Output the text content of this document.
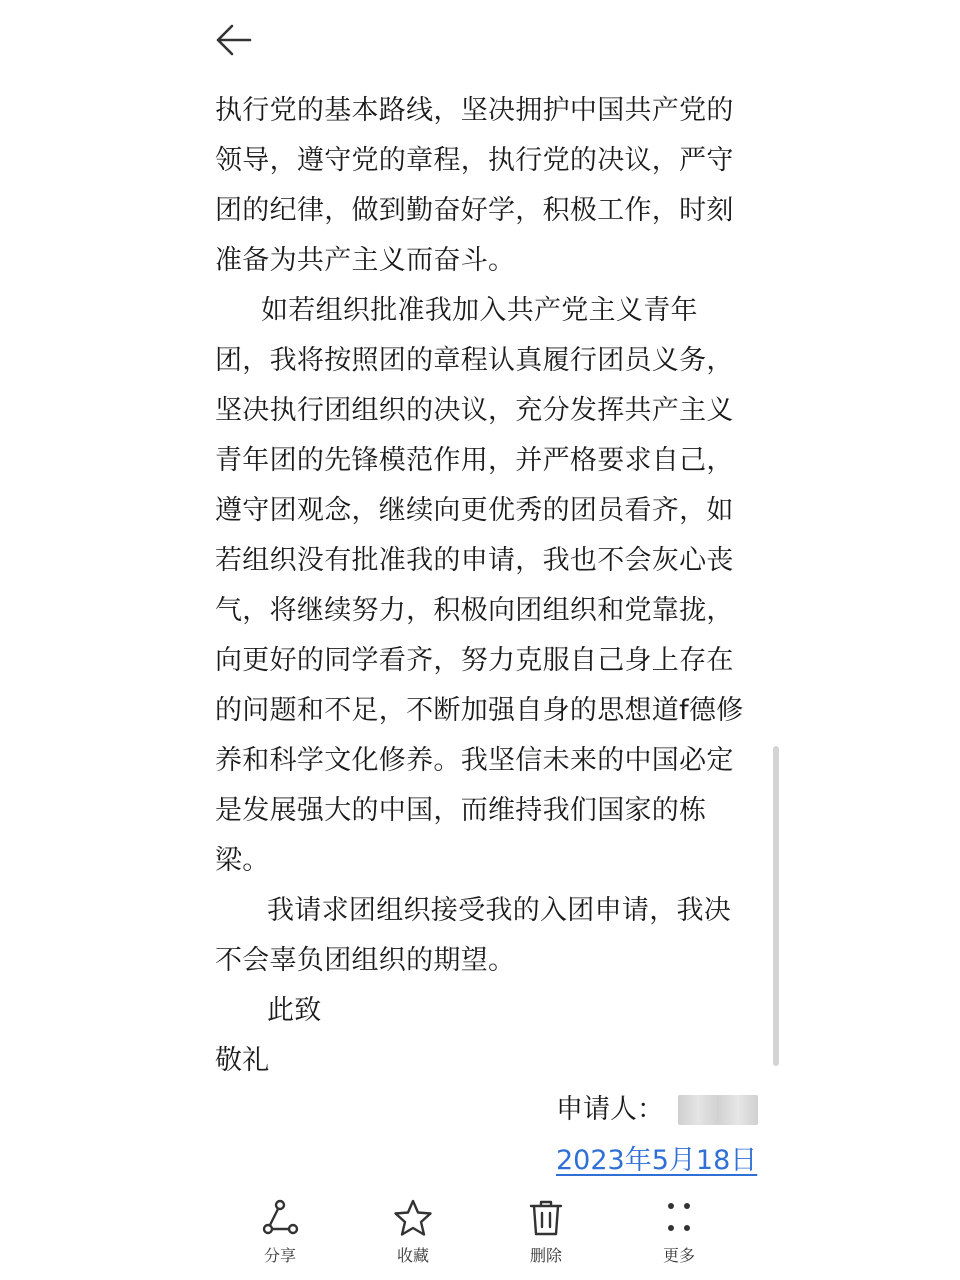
执行党的基本路线，坚决拥护中国共产党的
领导，遵守党的章程，执行党的决议，严守
团的纪律，做到勤奋好学，积极工作，时刻
准备为共产主义而奋斗。
如若组织批准我加入共产党主义青年
团，我将按照团的章程认真履行团员义务，
坚决执行团组织的决议，充分发挥共产主义
青年团的先锋模范作用，并严格要求自己，
遵守团观念，继续向更优秀的团员看齐，如
若组织没有批准我的申请，我也不会灰心丧
气，将继续努力，积极向团组织和党靠拢，
向更好的同学看齐，努力克服自己身上存在
的问题和不足，不断加强自身的思想道f德修
养和科学文化修养。我坚信未来的中国必定
是发展强大的中国，而维持我们国家的栋
梁。
我请求团组织接受我的入团申请，我决
不会辜负团组织的期望。
此致
敬礼
申请人：
2023年5月18日
分享	收藏	删除	更多
